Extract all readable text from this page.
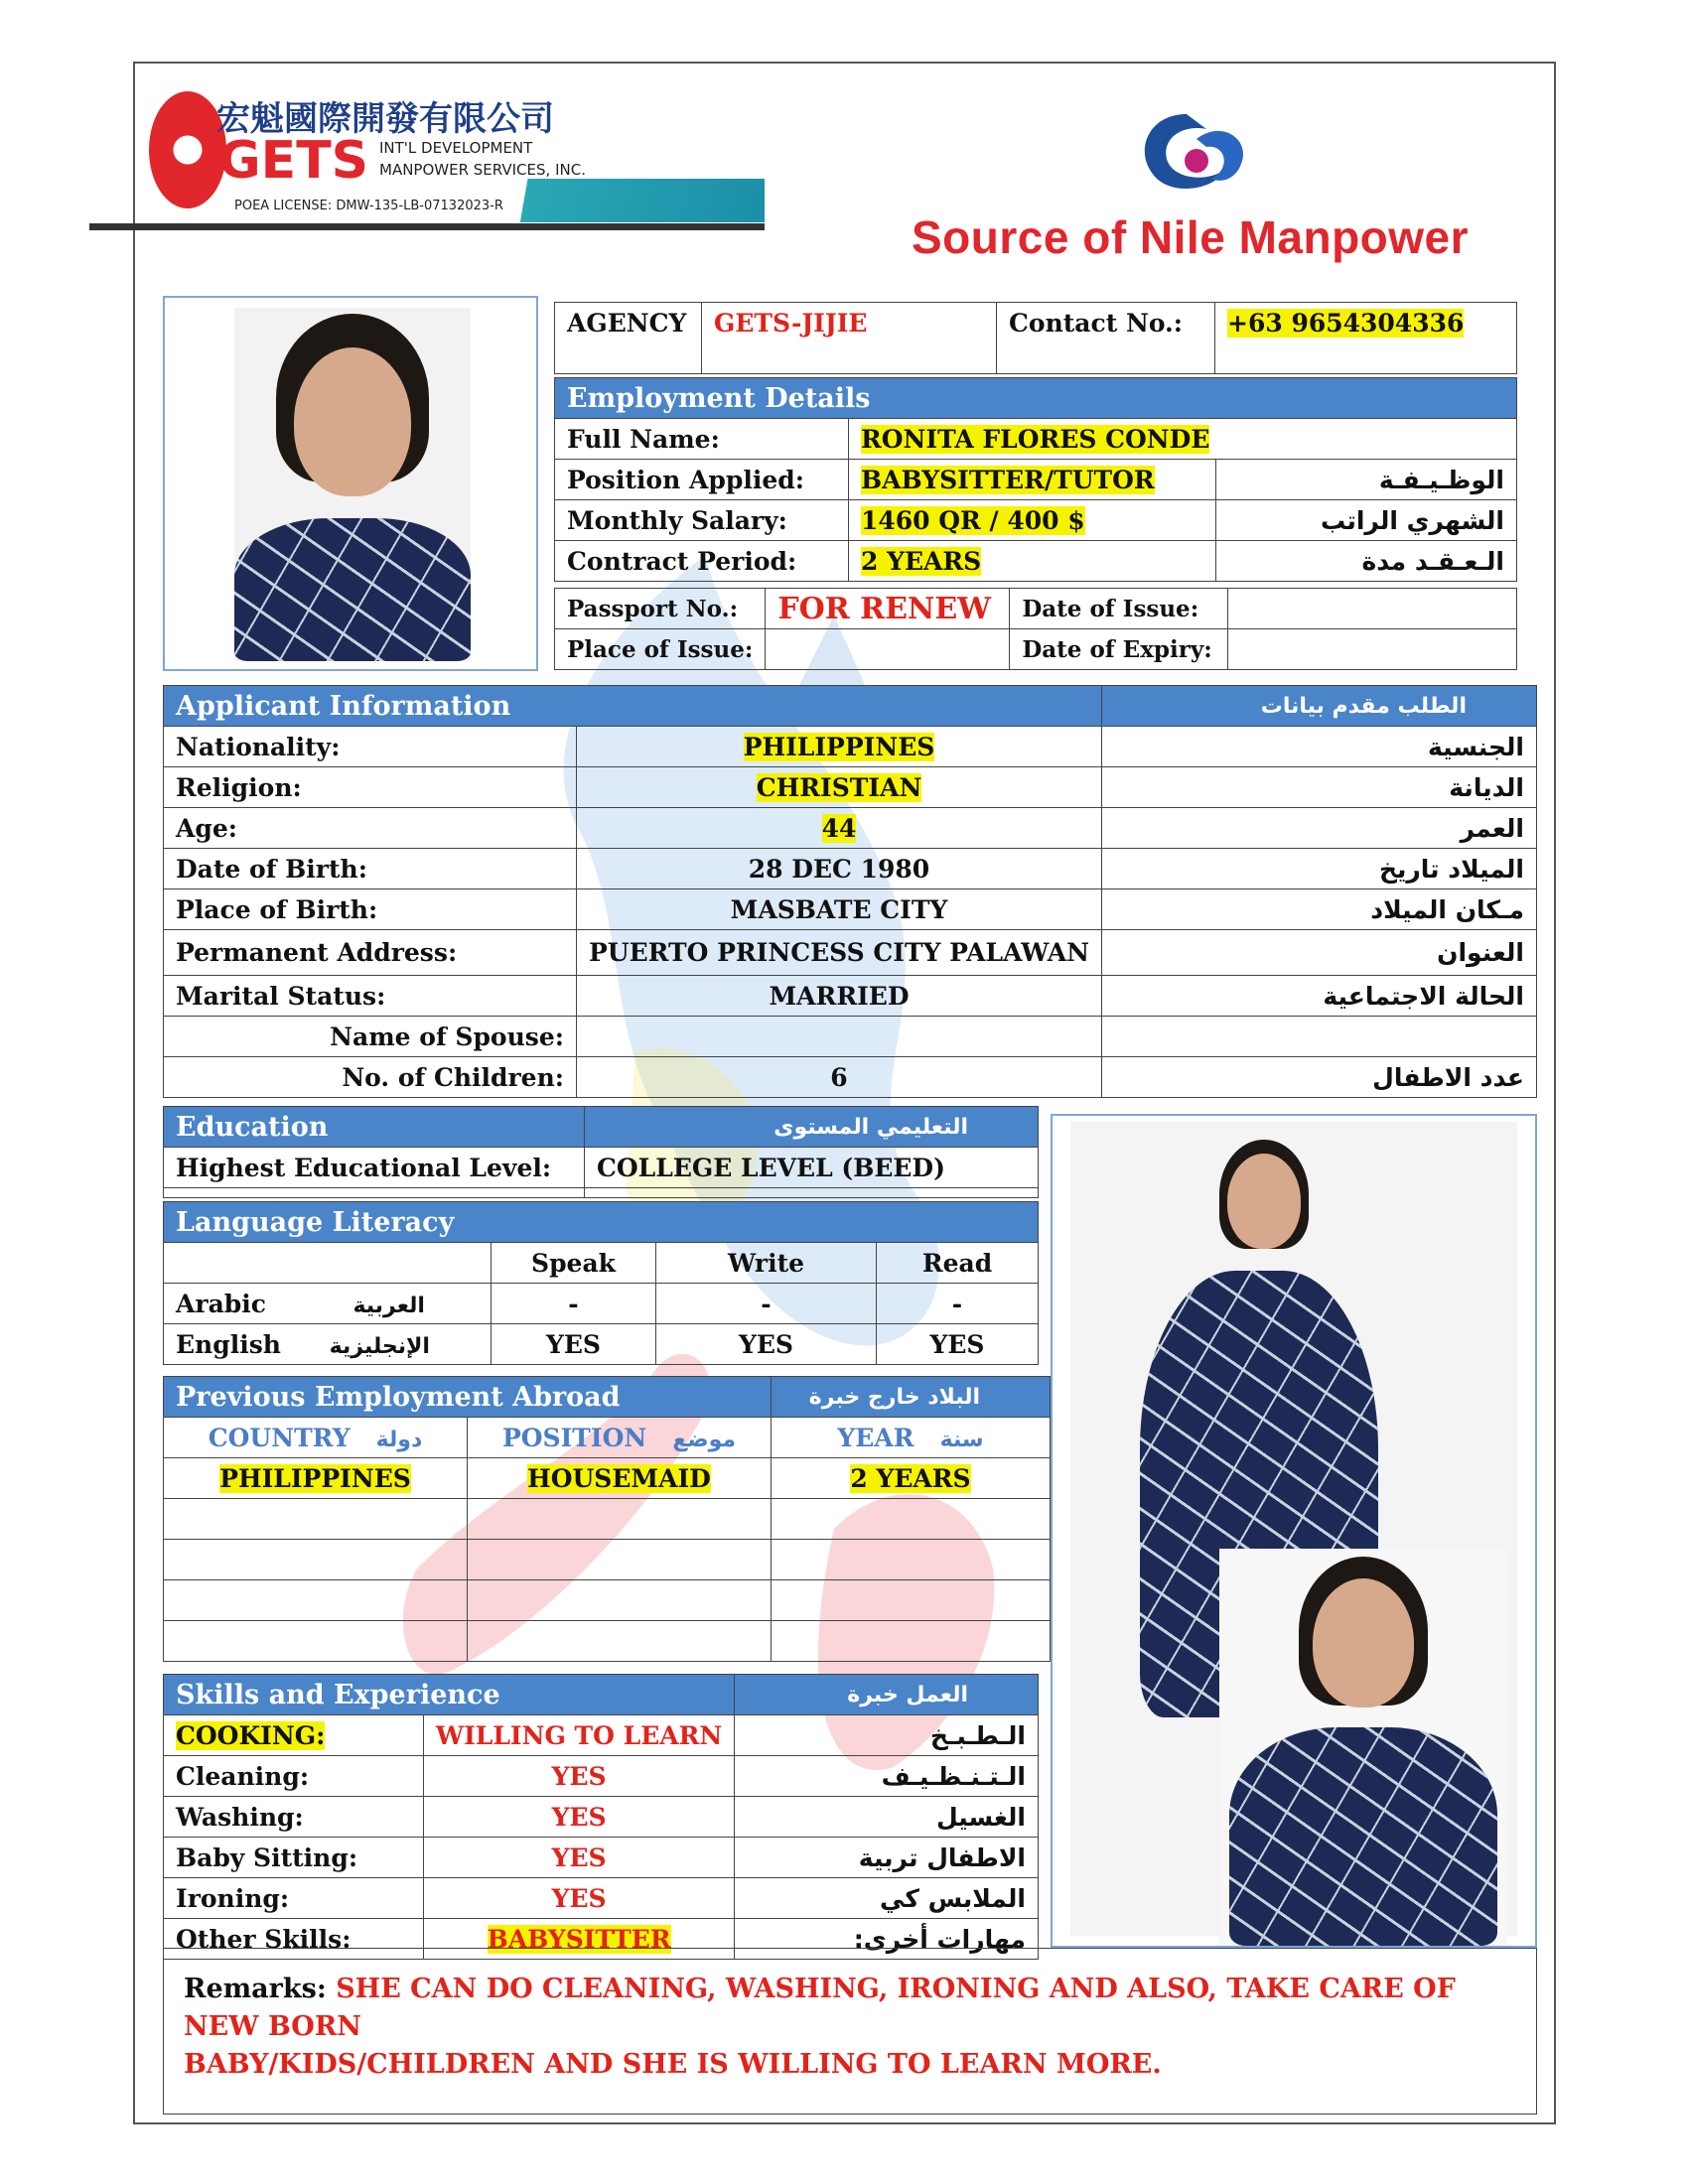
宏魁國際開發有限公司
GETS INT'L DEVELOPMENT
MANPOWER SERVICES, INC.
POEA LICENSE: DMW-135-LB-07132023-R
Source of Nile Manpower
AGENCY	GETS-JIJIE	Contact No.:	+63 9654304336
Employment Details		
Full Name:	RONITA FLORES CONDE	
Position Applied:	BABYSITTER/TUTOR	الوظـيـفـة
Monthly Salary:	1460 QR / 400 $	الشهري الراتب
Contract Period:	2 YEARS	الـعـقـد مدة
Passport No.:	FOR RENEW	Date of Issue:	
Place of Issue:		Date of Expiry:	
Applicant Information		الطلب مقدم بيانات
Nationality:	PHILIPPINES	الجنسية
Religion:	CHRISTIAN	الديانة
Age:	44	العمر
Date of Birth:	28 DEC 1980	الميلاد تاريخ
Place of Birth:	MASBATE CITY	مـكان الميلاد
Permanent Address:	PUERTO PRINCESS CITY PALAWAN	العنوان
Marital Status:	MARRIED	الحالة الاجتماعية
Name of Spouse:		
No. of Children:	6	عدد الاطفال
Education	التعليمي المستوى
Highest Educational Level:	COLLEGE LEVEL (BEED)

Language Literacy			
	Speak	Write	Read
Arabic العربية	-	-	-
English الإنجليزية	YES	YES	YES
Previous Employment Abroad		البلاد خارج خبرة
COUNTRY دولة	POSITION موضع	YEAR سنة
PHILIPPINES	HOUSEMAID	2 YEARS

Skills and Experience		العمل خبرة
COOKING:	WILLING TO LEARN	الـطـبـخ
Cleaning:	YES	الـتـنـظـيـف
Washing:	YES	الغسيل
Baby Sitting:	YES	الاطفال تربية
Ironing:	YES	الملابس كي
Other Skills:	BABYSITTER	مهارات أخرى:
Remarks: SHE CAN DO CLEANING, WASHING, IRONING AND ALSO, TAKE CARE OF NEW BORN
BABY/KIDS/CHILDREN AND SHE IS WILLING TO LEARN MORE.
